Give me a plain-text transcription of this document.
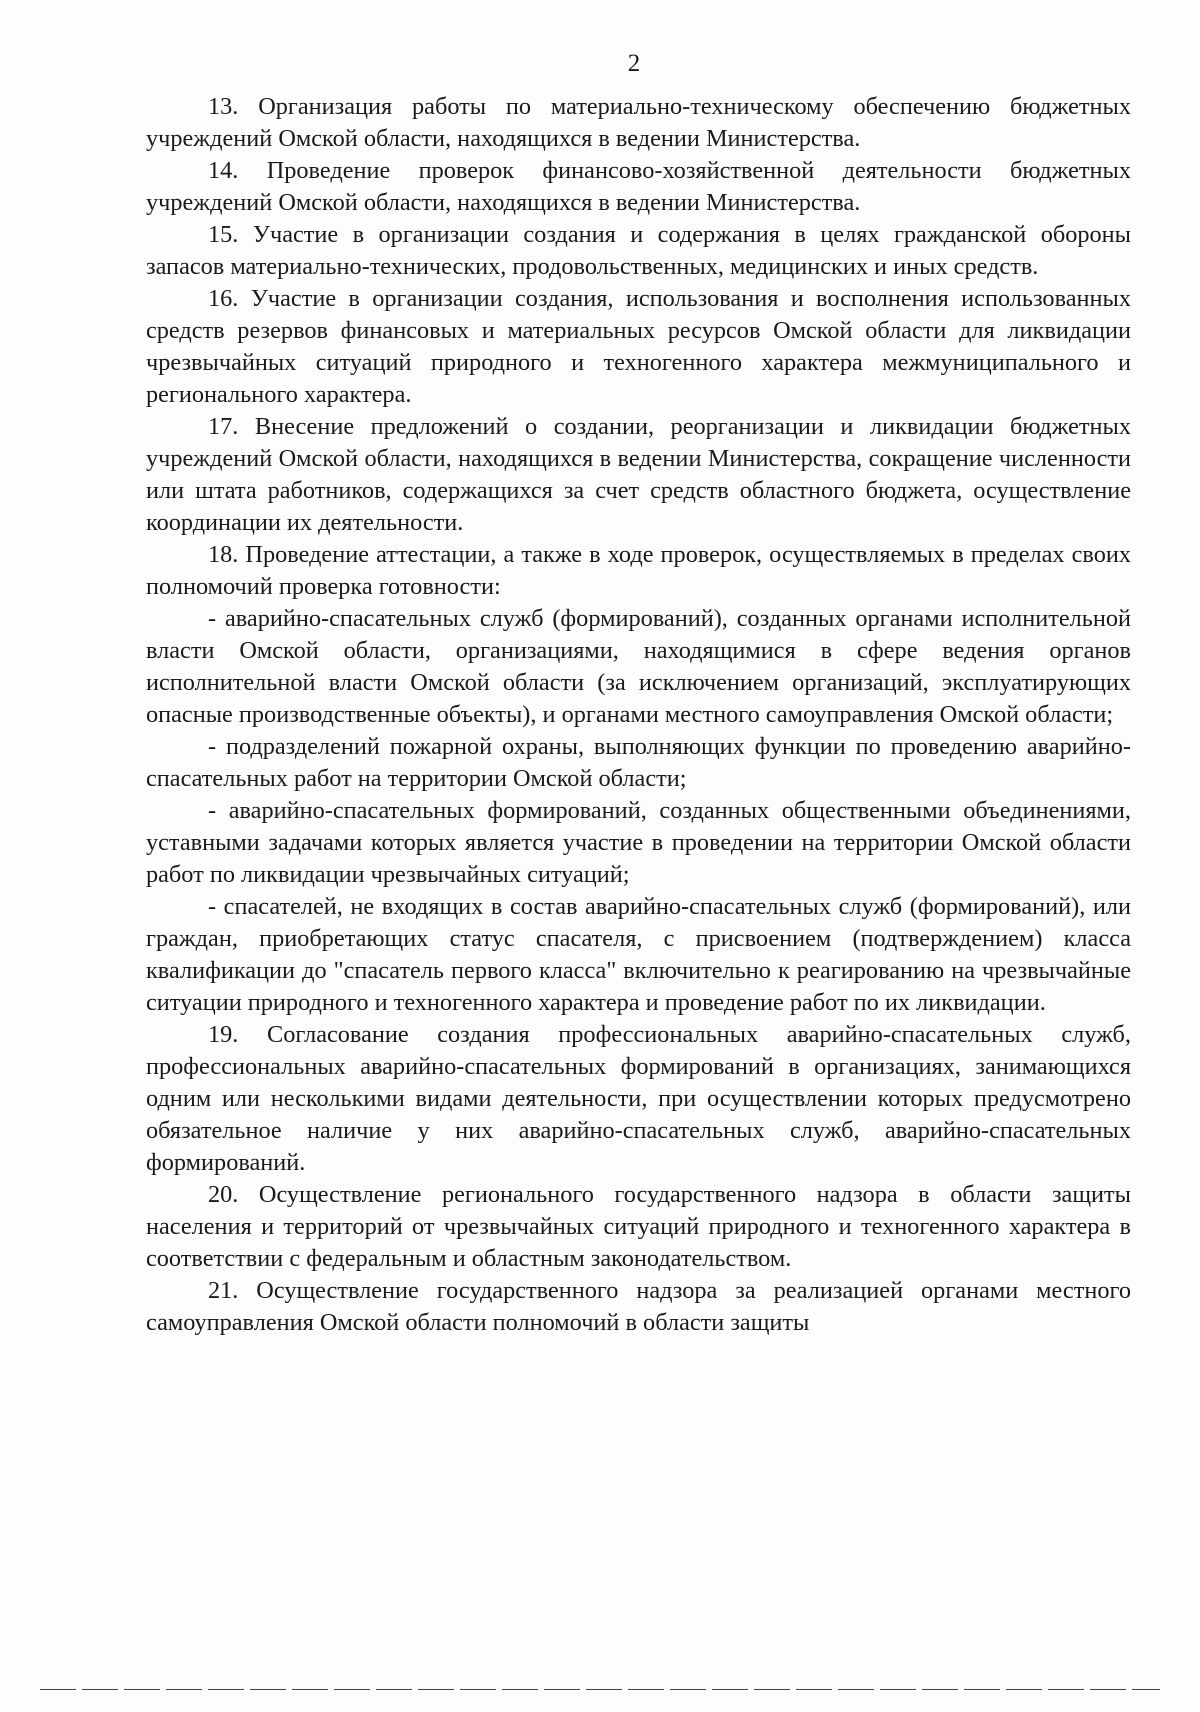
2

13. Организация работы по материально-техническому обеспечению бюджетных учреждений Омской области, находящихся в ведении Министерства.

14. Проведение проверок финансово-хозяйственной деятельности бюджетных учреждений Омской области, находящихся в ведении Министерства.

15. Участие в организации создания и содержания в целях гражданской обороны запасов материально-технических, продовольственных, медицинских и иных средств.

16. Участие в организации создания, использования и восполнения использованных средств резервов финансовых и материальных ресурсов Омской области для ликвидации чрезвычайных ситуаций природного и техногенного характера межмуниципального и регионального характера.

17. Внесение предложений о создании, реорганизации и ликвидации бюджетных учреждений Омской области, находящихся в ведении Министерства, сокращение численности или штата работников, содержащихся за счет средств областного бюджета, осуществление координации их деятельности.

18. Проведение аттестации, а также в ходе проверок, осуществляемых в пределах своих полномочий проверка готовности:

- аварийно-спасательных служб (формирований), созданных органами исполнительной власти Омской области, организациями, находящимися в сфере ведения органов исполнительной власти Омской области (за исключением организаций, эксплуатирующих опасные производственные объекты), и органами местного самоуправления Омской области;

- подразделений пожарной охраны, выполняющих функции по проведению аварийно-спасательных работ на территории Омской области;

- аварийно-спасательных формирований, созданных общественными объединениями, уставными задачами которых является участие в проведении на территории Омской области работ по ликвидации чрезвычайных ситуаций;

- спасателей, не входящих в состав аварийно-спасательных служб (формирований), или граждан, приобретающих статус спасателя, с присвоением (подтверждением) класса квалификации до "спасатель первого класса" включительно к реагированию на чрезвычайные ситуации природного и техногенного характера и проведение работ по их ликвидации.

19. Согласование создания профессиональных аварийно-спасательных служб, профессиональных аварийно-спасательных формирований в организациях, занимающихся одним или несколькими видами деятельности, при осуществлении которых предусмотрено обязательное наличие у них аварийно-спасательных служб, аварийно-спасательных формирований.

20. Осуществление регионального государственного надзора в области защиты населения и территорий от чрезвычайных ситуаций природного и техногенного характера в соответствии с федеральным и областным законодательством.

21. Осуществление государственного надзора за реализацией органами местного самоуправления Омской области полномочий в области защиты
